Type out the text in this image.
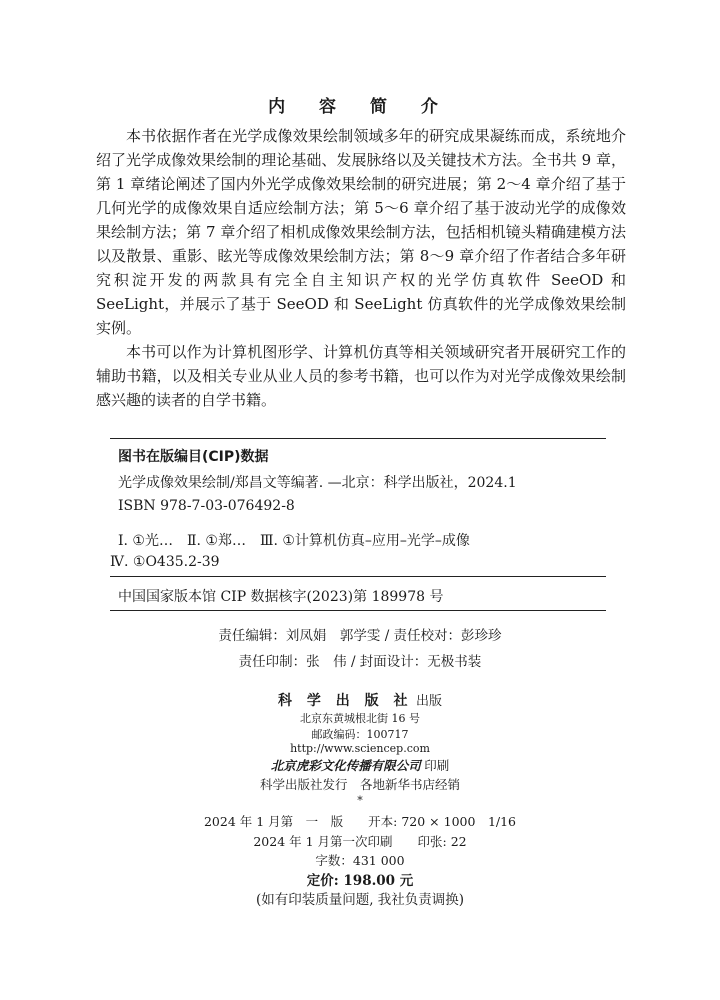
内 容 简 介

本书依据作者在光学成像效果绘制领域多年的研究成果凝练而成，系统地介绍了光学成像效果绘制的理论基础、发展脉络以及关键技术方法。全书共 9 章，第 1 章绪论阐述了国内外光学成像效果绘制的研究进展；第 2～4 章介绍了基于几何光学的成像效果自适应绘制方法；第 5～6 章介绍了基于波动光学的成像效果绘制方法；第 7 章介绍了相机成像效果绘制方法，包括相机镜头精确建模方法以及散景、重影、眩光等成像效果绘制方法；第 8～9 章介绍了作者结合多年研究积淀开发的两款具有完全自主知识产权的光学仿真软件 SeeOD 和 SeeLight，并展示了基于 SeeOD 和 SeeLight 仿真软件的光学成像效果绘制实例。

本书可以作为计算机图形学、计算机仿真等相关领域研究者开展研究工作的辅助书籍，以及相关专业从业人员的参考书籍，也可以作为对光学成像效果绘制感兴趣的读者的自学书籍。

图书在版编目(CIP)数据
光学成像效果绘制/郑昌文等编著. —北京：科学出版社，2024.1
ISBN 978-7-03-076492-8
Ⅰ. ①光…　Ⅱ. ①郑…　Ⅲ. ①计算机仿真–应用–光学–成像
Ⅳ. ①O435.2-39
中国国家版本馆 CIP 数据核字(2023)第 189978 号
责任编辑：刘凤娟　郭学雯 / 责任校对：彭珍珍
责任印制：张　伟 / 封面设计：无极书装
科 学 出 版 社 出版
北京东黄城根北街 16 号
邮政编码：100717
http://www.sciencep.com
北京虎彩文化传播有限公司 印刷
科学出版社发行　各地新华书店经销
*
2024 年 1 月第　一　版　　开本: 720 × 1000　1/16
2024 年 1 月第一次印刷　　印张: 22
字数：431 000
定价: 198.00 元
(如有印装质量问题, 我社负责调换)
